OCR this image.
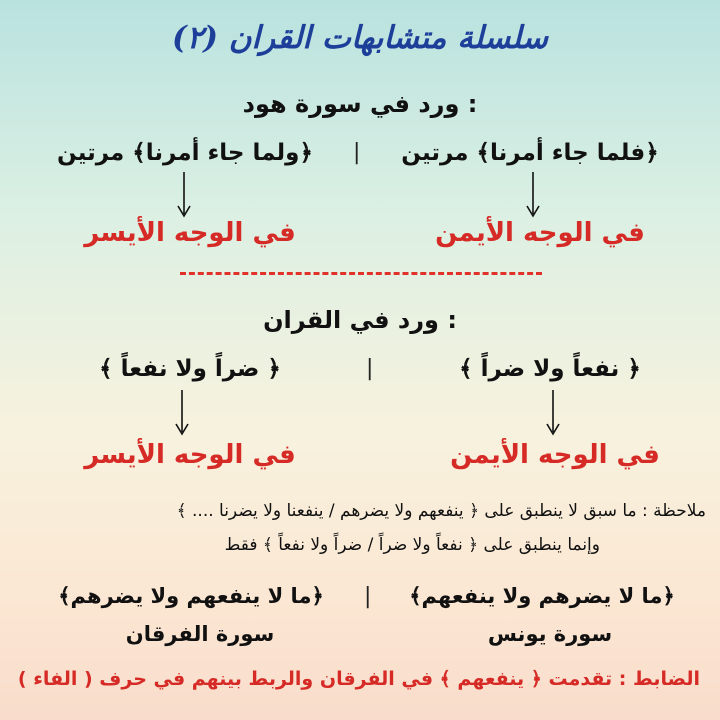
سلسلة متشابهات القران (٢)
ورد في سورة هود :
﴿فلما جاء أمرنا﴾ مرتين
|
﴿ولما جاء أمرنا﴾ مرتين
في الوجه الأيمن
في الوجه الأيسر
ورد في القران :
﴿ نفعاً ولا ضراً ﴾
|
﴿ ضراً ولا نفعاً ﴾
في الوجه الأيمن
في الوجه الأيسر
ملاحظة : ما سبق لا ينطبق على ﴿ ينفعهم ولا يضرهم / ينفعنا ولا يضرنا .... ﴾
وإنما ينطبق على ﴿ نفعاً ولا ضراً / ضراً ولا نفعاً ﴾ فقط
﴿ما لا يضرهم ولا ينفعهم﴾
|
﴿ما لا ينفعهم ولا يضرهم﴾
سورة يونس
سورة الفرقان
الضابط : تقدمت ﴿ ينفعهم ﴾ في الفرقان والربط بينهم في حرف ( الفاء )
